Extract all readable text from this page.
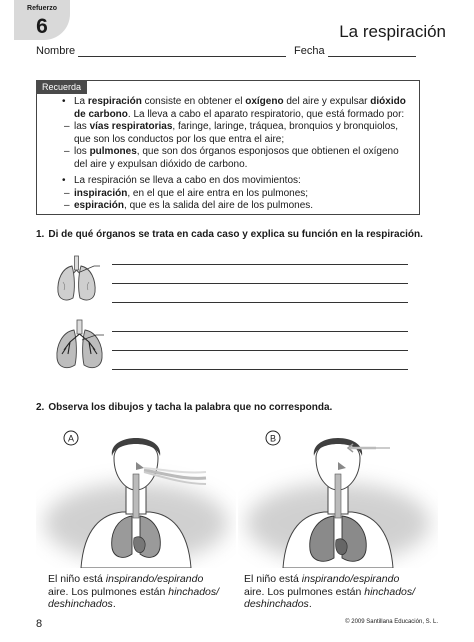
Refuerzo
6	La respiración
Nombre	Fecha
Recuerda

• La respiración consiste en obtener el oxígeno del aire y expulsar dióxido de carbono. La lleva a cabo el aparato respiratorio, que está formado por:

– las vías respiratorias, faringe, laringe, tráquea, bronquios y bronquiolos, que son los conductos por los que entra el aire;

– los pulmones, que son dos órganos esponjosos que obtienen el oxígeno del aire y expulsan dióxido de carbono.

• La respiración se lleva a cabo en dos movimientos:

– inspiración, en el que el aire entra en los pulmones;

– espiración, que es la salida del aire de los pulmones.

1. Di de qué órganos se trata en cada caso y explica su función en la respiración.
2. Observa los dibujos y tacha la palabra que no corresponda.
A	B

El niño está inspirando/espirando

aire. Los pulmones están hinchados/

deshinchados.

El niño está inspirando/espirando

aire. Los pulmones están hinchados/

deshinchados.

8	© 2009 Santillana Educación, S. L.
